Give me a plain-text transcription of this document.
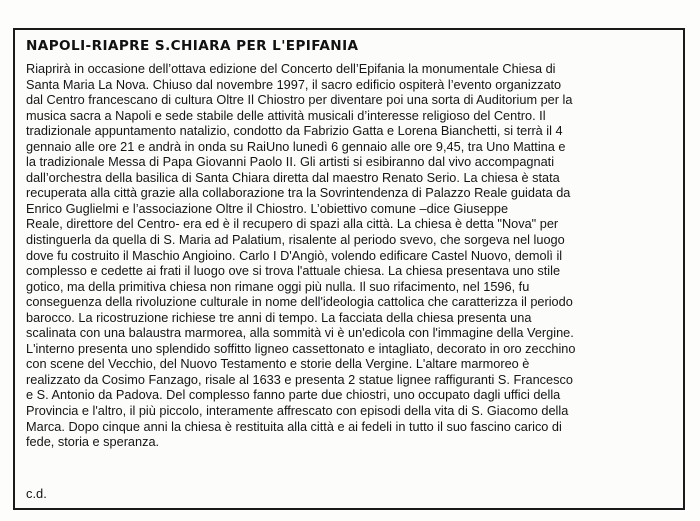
NAPOLI-RIAPRE S.CHIARA PER L'EPIFANIA

Riaprirà in occasione dell’ottava edizione del Concerto dell’Epifania la monumentale Chiesa di
Santa Maria La Nova. Chiuso dal novembre 1997, il sacro edificio ospiterà l’evento organizzato
dal Centro francescano di cultura Oltre Il Chiostro per diventare poi una sorta di Auditorium per la
musica sacra a Napoli e sede stabile delle attività musicali d’interesse religioso del Centro. Il
tradizionale appuntamento natalizio, condotto da Fabrizio Gatta e Lorena Bianchetti, si terrà il 4
gennaio alle ore 21 e andrà in onda su RaiUno lunedì 6 gennaio alle ore 9,45, tra Uno Mattina e
la tradizionale Messa di Papa Giovanni Paolo II. Gli artisti si esibiranno dal vivo accompagnati
dall’orchestra della basilica di Santa Chiara diretta dal maestro Renato Serio. La chiesa è stata
recuperata alla città grazie alla collaborazione tra la Sovrintendenza di Palazzo Reale guidata da
Enrico Guglielmi e l’associazione Oltre il Chiostro. L’obiettivo comune –dice Giuseppe
Reale, direttore del Centro- era ed è il recupero di spazi alla città. La chiesa è detta "Nova" per
distinguerla da quella di S. Maria ad Palatium, risalente al periodo svevo, che sorgeva nel luogo
dove fu costruito il Maschio Angioino. Carlo I D'Angiò, volendo edificare Castel Nuovo, demolì il
complesso e cedette ai frati il luogo ove si trova l'attuale chiesa. La chiesa presentava uno stile
gotico, ma della primitiva chiesa non rimane oggi più nulla. Il suo rifacimento, nel 1596, fu
conseguenza della rivoluzione culturale in nome dell'ideologia cattolica che caratterizza il periodo
barocco. La ricostruzione richiese tre anni di tempo. La facciata della chiesa presenta una
scalinata con una balaustra marmorea, alla sommità vi è un'edicola con l'immagine della Vergine.
L'interno presenta uno splendido soffitto ligneo cassettonato e intagliato, decorato in oro zecchino
con scene del Vecchio, del Nuovo Testamento e storie della Vergine. L'altare marmoreo è
realizzato da Cosimo Fanzago, risale al 1633 e presenta 2 statue lignee raffiguranti S. Francesco
e S. Antonio da Padova. Del complesso fanno parte due chiostri, uno occupato dagli uffici della
Provincia e l'altro, il più piccolo, interamente affrescato con episodi della vita di S. Giacomo della
Marca. Dopo cinque anni la chiesa è restituita alla città e ai fedeli in tutto il suo fascino carico di
fede, storia e speranza.

c.d.
